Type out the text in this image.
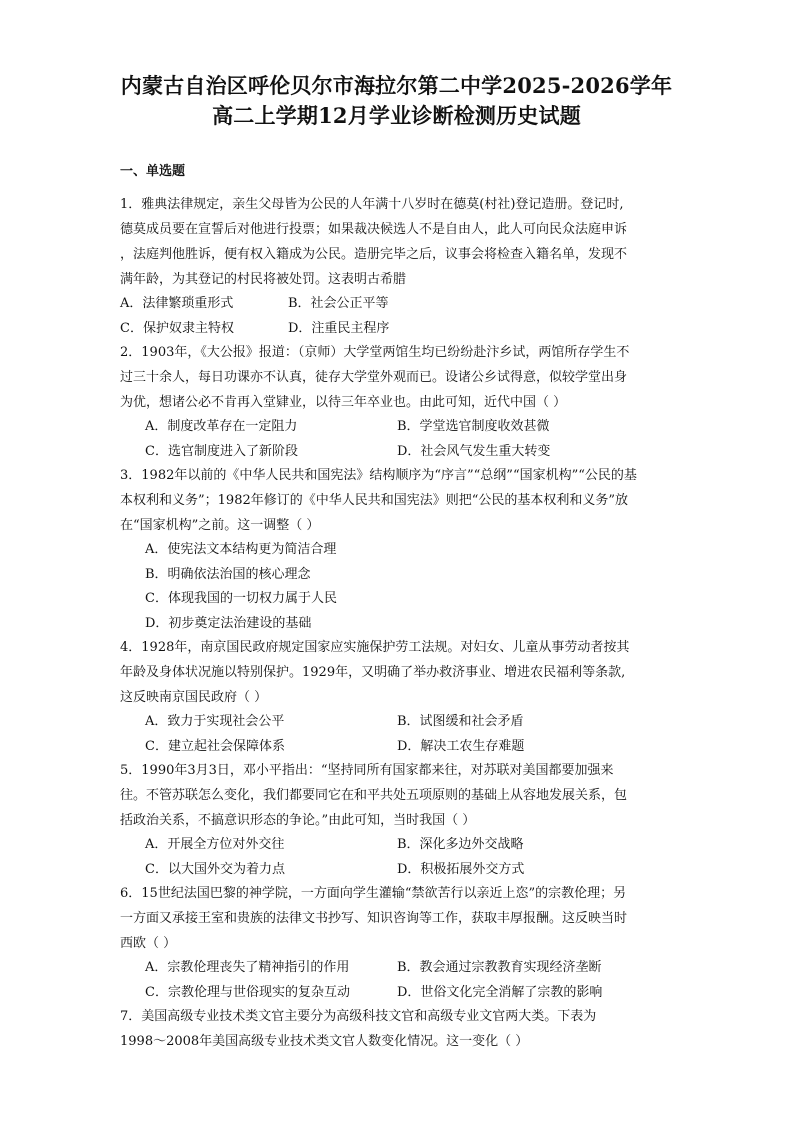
内蒙古自治区呼伦贝尔市海拉尔第二中学2025-2026学年
高二上学期12月学业诊断检测历史试题
一、单选题
1．雅典法律规定，亲生父母皆为公民的人年满十八岁时在德莫(村社)登记造册。登记时,
德莫成员要在宣誓后对他进行投票；如果裁决候选人不是自由人，此人可向民众法庭申诉
，法庭判他胜诉，便有权入籍成为公民。造册完毕之后，议事会将检查入籍名单，发现不
满年龄，为其登记的村民将被处罚。这表明古希腊
A．法律繁琐重形式	B．社会公正平等
C．保护奴隶主特权	D．注重民主程序
2．1903年，《大公报》报道：（京师）大学堂两馆生均已纷纷赴汴乡试，两馆所存学生不
过三十余人，每日功课亦不认真，徒存大学堂外观而已。设诸公乡试得意，似较学堂出身
为优，想诸公必不肯再入堂肄业，以待三年卒业也。由此可知，近代中国（ ）
A．制度改革存在一定阻力	B．学堂选官制度收效甚微
C．选官制度进入了新阶段	D．社会风气发生重大转变
3．1982年以前的《中华人民共和国宪法》结构顺序为“序言”“总纲”“国家机构”“公民的基
本权利和义务”；1982年修订的《中华人民共和国宪法》则把“公民的基本权利和义务”放
在“国家机构”之前。这一调整（ ）
A．使宪法文本结构更为简洁合理
B．明确依法治国的核心理念
C．体现我国的一切权力属于人民
D．初步奠定法治建设的基础
4．1928年，南京国民政府规定国家应实施保护劳工法规。对妇女、儿童从事劳动者按其
年龄及身体状况施以特别保护。1929年，又明确了举办救济事业、增进农民福利等条款,
这反映南京国民政府（ ）
A．致力于实现社会公平	B．试图缓和社会矛盾
C．建立起社会保障体系	D．解决工农生存难题
5．1990年3月3日，邓小平指出：“坚持同所有国家都来往，对苏联对美国都要加强来
往。不管苏联怎么变化，我们都要同它在和平共处五项原则的基础上从容地发展关系，包
括政治关系，不搞意识形态的争论。”由此可知，当时我国（ ）
A．开展全方位对外交往	B．深化多边外交战略
C．以大国外交为着力点	D．积极拓展外交方式
6．15世纪法国巴黎的神学院，一方面向学生灌输“禁欲苦行以亲近上恣”的宗教伦理；另
一方面又承接王室和贵族的法律文书抄写、知识咨询等工作，获取丰厚报酬。这反映当时
西欧（ ）
A．宗教伦理丧失了精神指引的作用	B．教会通过宗教教育实现经济垄断
C．宗教伦理与世俗现实的复杂互动	D．世俗文化完全消解了宗教的影响
7．美国高级专业技术类文官主要分为高级科技文官和高级专业文官两大类。下表为
1998～2008年美国高级专业技术类文官人数变化情况。这一变化（ ）
